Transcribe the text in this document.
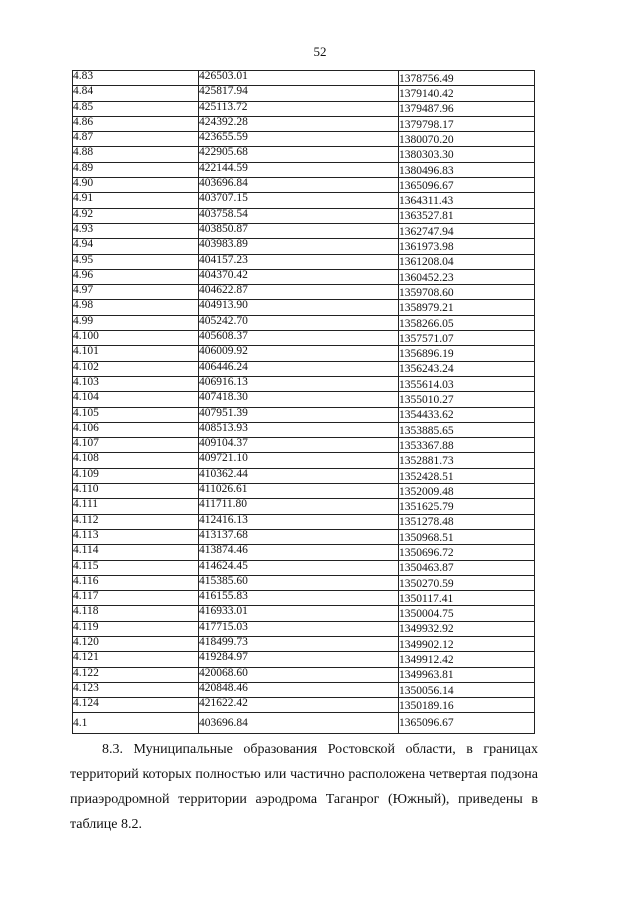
52
4.83	426503.01	1378756.49
4.84	425817.94	1379140.42
4.85	425113.72	1379487.96
4.86	424392.28	1379798.17
4.87	423655.59	1380070.20
4.88	422905.68	1380303.30
4.89	422144.59	1380496.83
4.90	403696.84	1365096.67
4.91	403707.15	1364311.43
4.92	403758.54	1363527.81
4.93	403850.87	1362747.94
4.94	403983.89	1361973.98
4.95	404157.23	1361208.04
4.96	404370.42	1360452.23
4.97	404622.87	1359708.60
4.98	404913.90	1358979.21
4.99	405242.70	1358266.05
4.100	405608.37	1357571.07
4.101	406009.92	1356896.19
4.102	406446.24	1356243.24
4.103	406916.13	1355614.03
4.104	407418.30	1355010.27
4.105	407951.39	1354433.62
4.106	408513.93	1353885.65
4.107	409104.37	1353367.88
4.108	409721.10	1352881.73
4.109	410362.44	1352428.51
4.110	411026.61	1352009.48
4.111	411711.80	1351625.79
4.112	412416.13	1351278.48
4.113	413137.68	1350968.51
4.114	413874.46	1350696.72
4.115	414624.45	1350463.87
4.116	415385.60	1350270.59
4.117	416155.83	1350117.41
4.118	416933.01	1350004.75
4.119	417715.03	1349932.92
4.120	418499.73	1349902.12
4.121	419284.97	1349912.42
4.122	420068.60	1349963.81
4.123	420848.46	1350056.14
4.124	421622.42	1350189.16
4.1	403696.84	1365096.67
8.3. Муниципальные образования Ростовской области, в границах территорий которых полностью или частично расположена четвертая подзона приаэродромной территории аэродрома Таганрог (Южный), приведены в таблице 8.2.
